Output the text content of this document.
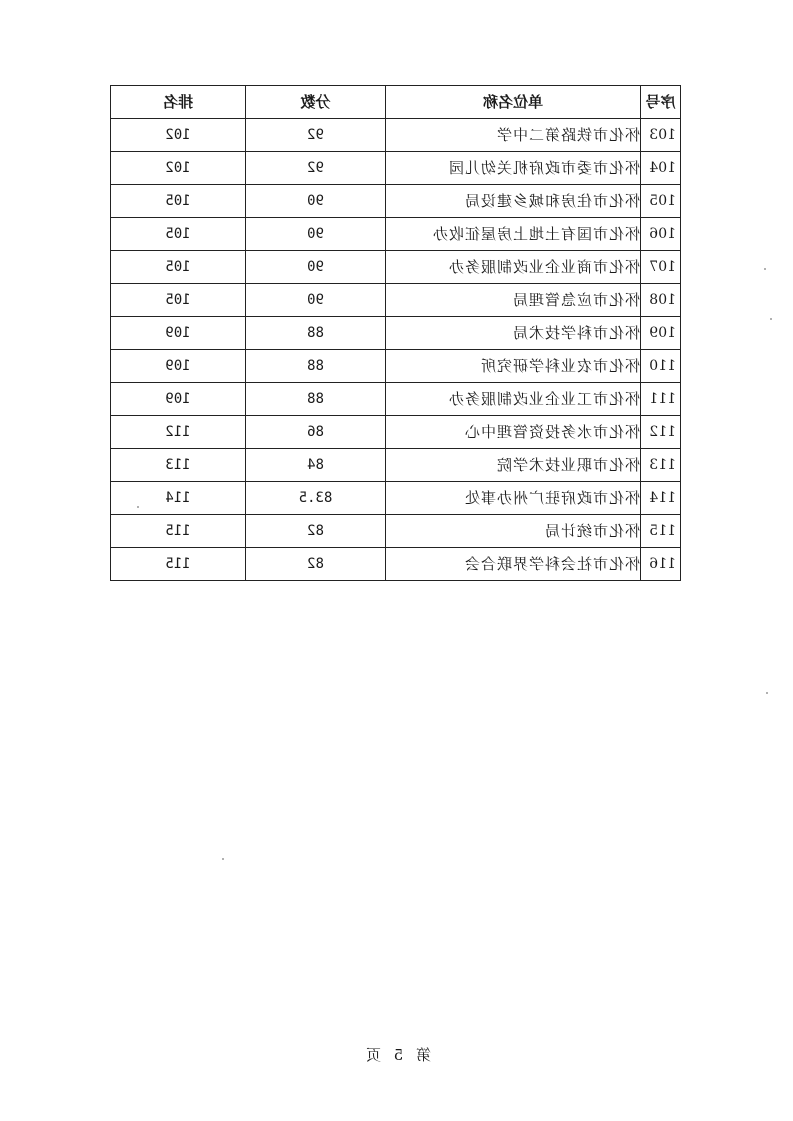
序号	单位名称	分数	排名
103	怀化市铁路第二中学	92	102
104	怀化市委市政府机关幼儿园	92	102
105	怀化市住房和城乡建设局	90	105
106	怀化市国有土地上房屋征收办	90	105
107	怀化市商业企业改制服务办	90	105
108	怀化市应急管理局	90	105
109	怀化市科学技术局	88	109
110	怀化市农业科学研究所	88	109
111	怀化市工业企业改制服务办	88	109
112	怀化市水务投资管理中心	86	112
113	怀化市职业技术学院	84	113
114	怀化市政府驻广州办事处	83.5	114
115	怀化市统计局	82	115
116	怀化市社会科学界联合会	82	115
第 5 页
